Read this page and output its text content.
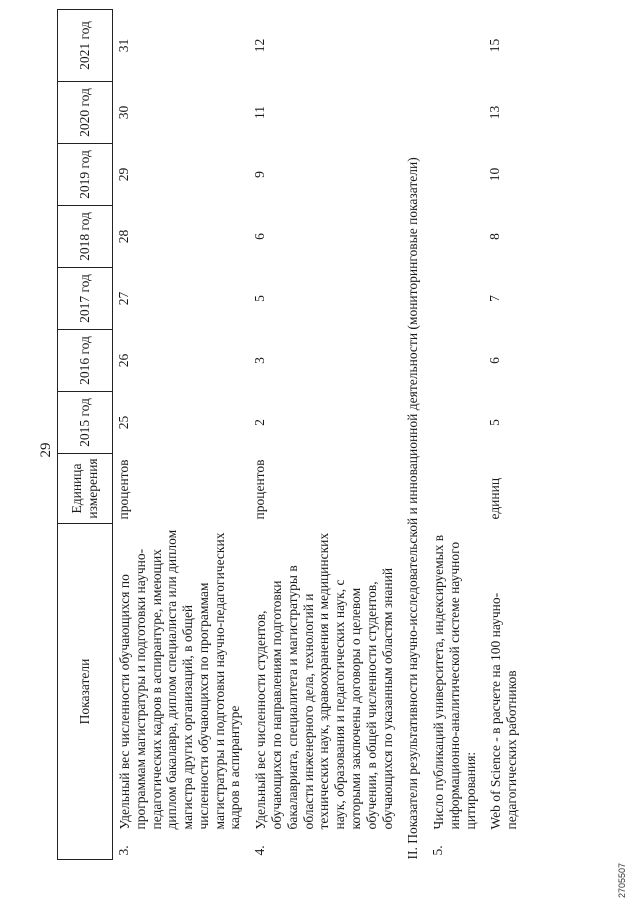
29
Показатели		Единица измерения	2015 год	2016 год	2017 год	2018 год	2019 год	2020 год	2021 год
3.	Удельный вес численности обучающихся по программам магистратуры и подготовки научно-педагогических кадров в аспирантуре, имеющих диплом бакалавра, диплом специалиста или диплом магистра других организаций, в общей численности обучающихся по программам магистратуры и подготовки научно-педагогических кадров в аспирантуре	процентов	25	26	27	28	29	30	31
4.	Удельный вес численности студентов, обучающихся по направлениям подготовки бакалавриата, специалитета и магистратуры в области инженерного дела, технологий и технических наук, здравоохранения и медицинских наук, образования и педагогических наук, с которыми заключены договоры о целевом обучении, в общей численности студентов, обучающихся по указанным областям знаний	процентов	2	3	5	6	9	11	12
II. Показатели результативности научно-исследовательской и инновационной деятельности (мониторинговые показатели)									
5.	Число публикаций университета, индексируемых в информационно-аналитической системе научного цитирования:								
	Web of Science - в расчете на 100 научно-педагогических работников	единиц	5	6	7	8	10	13	15
2705507
